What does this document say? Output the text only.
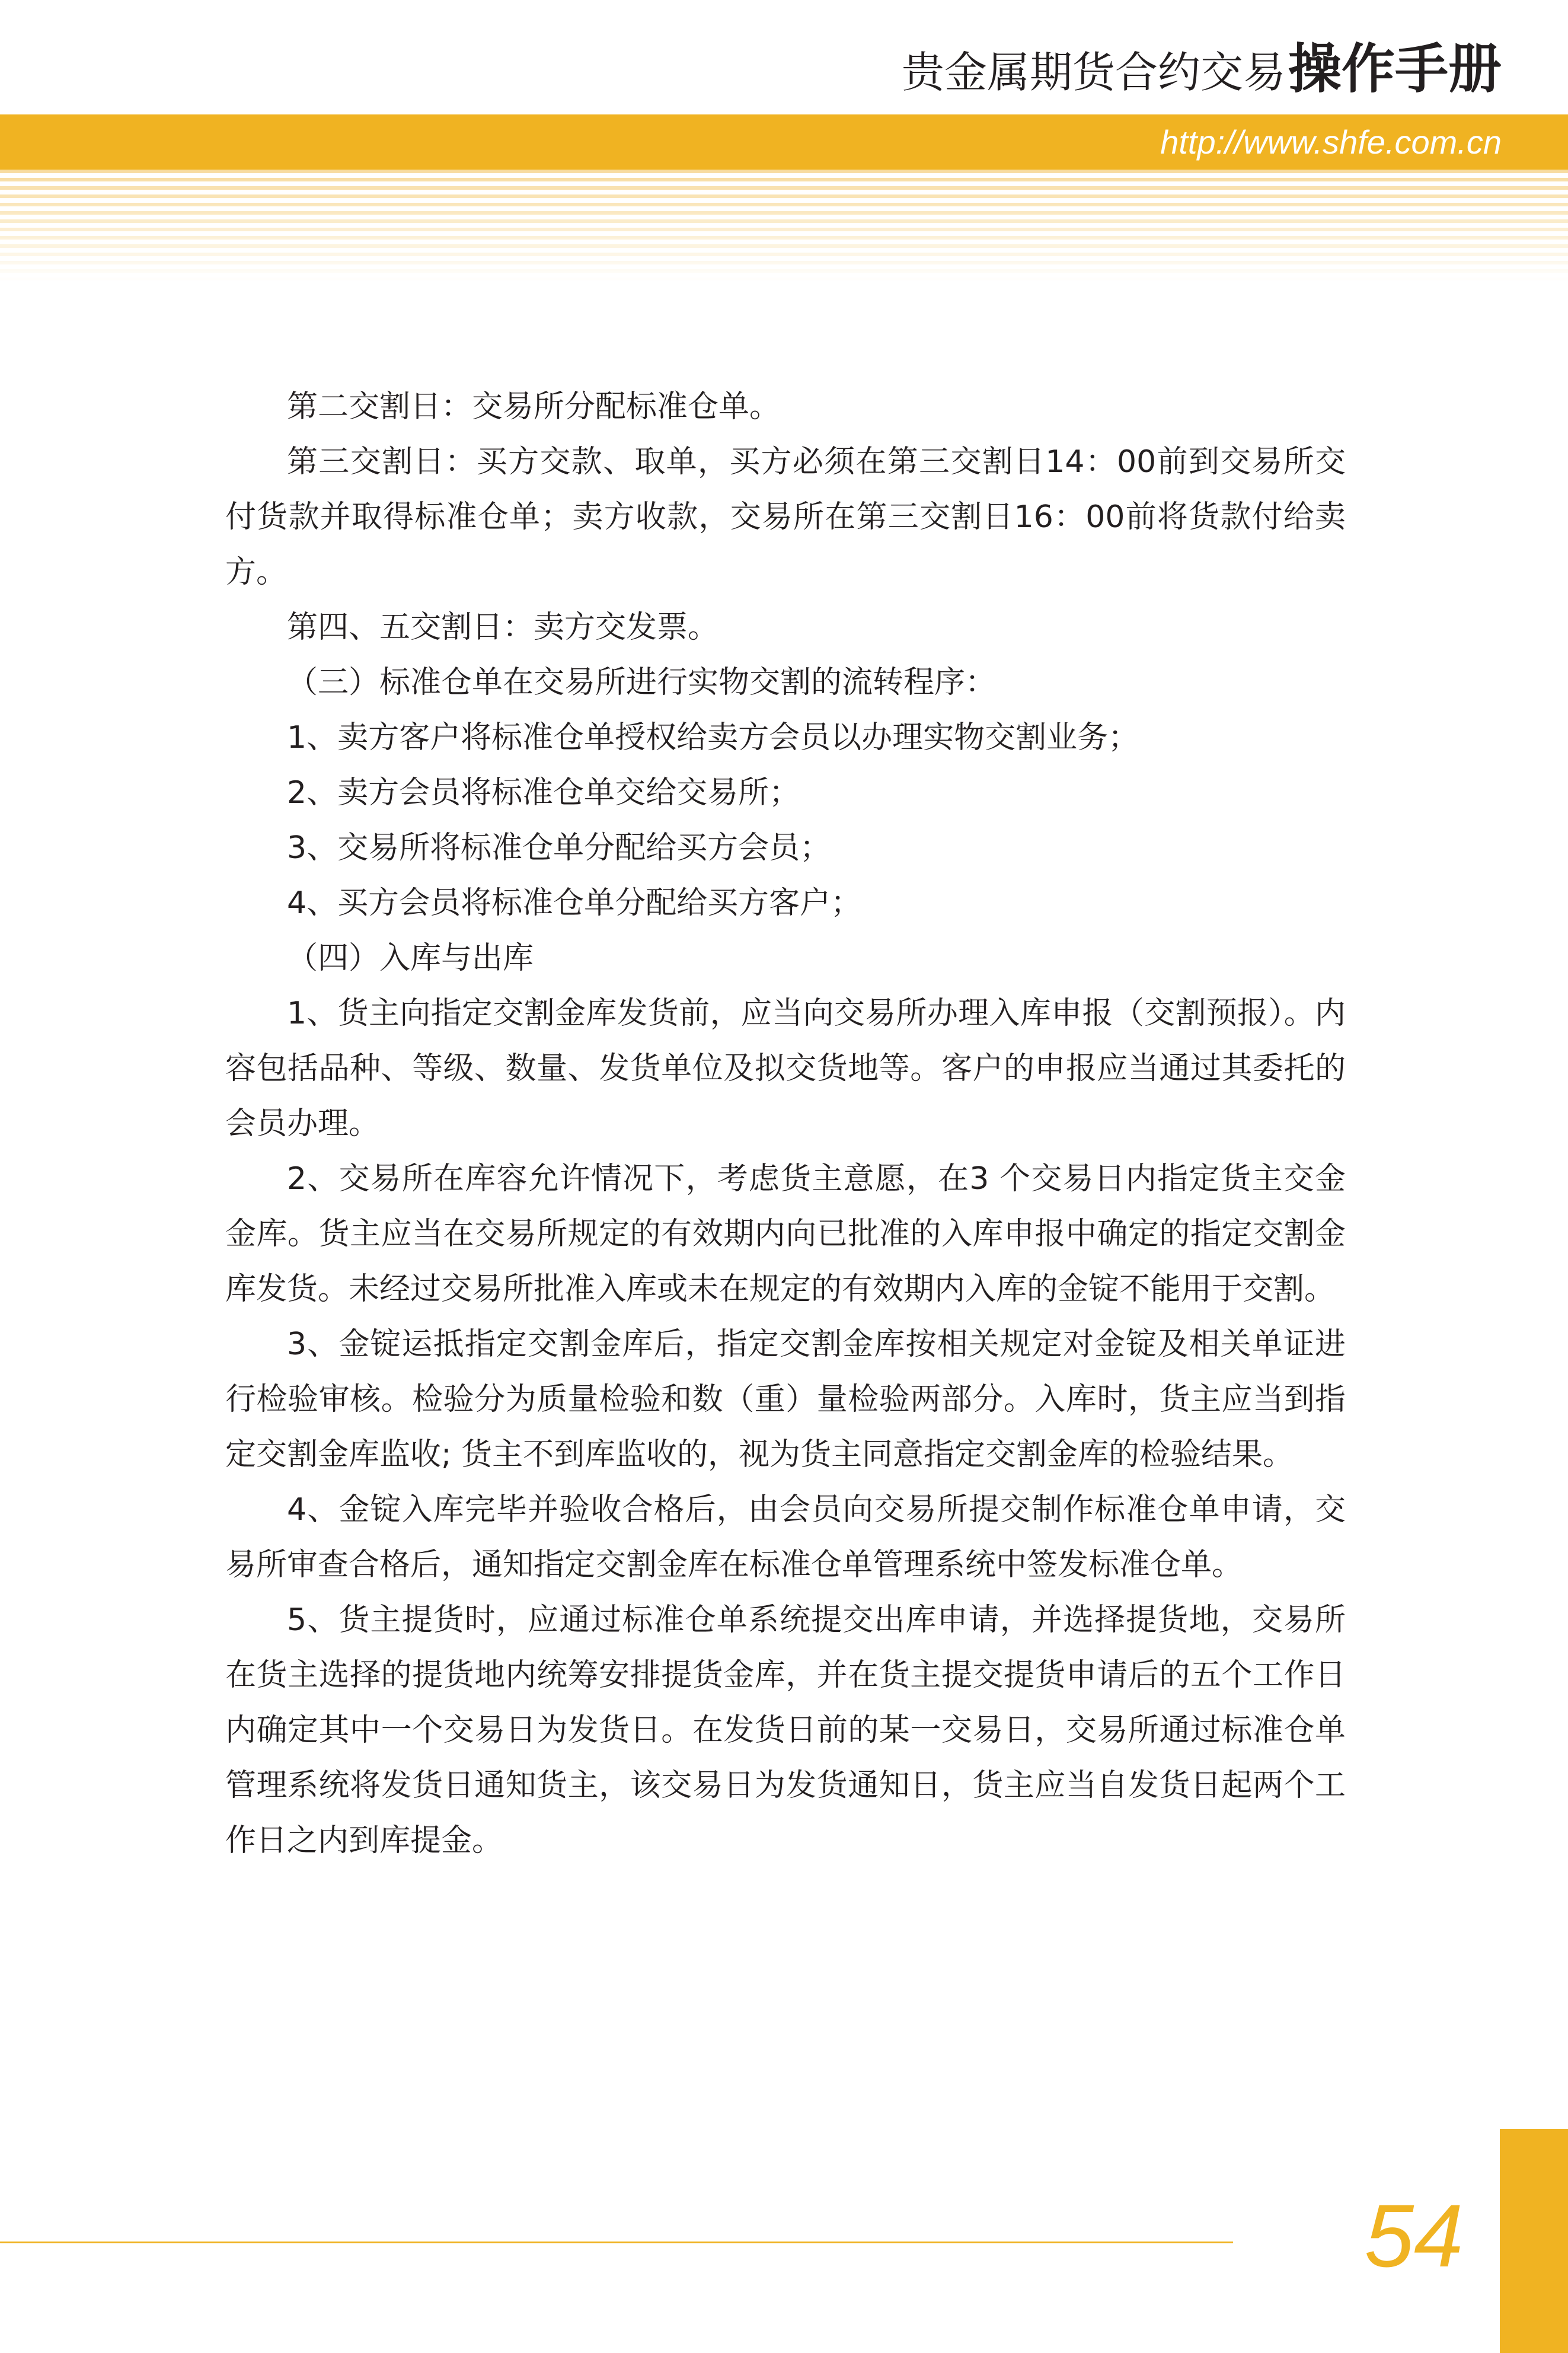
贵金属期货合约交易操作手册
http://www.shfe.com.cn

第二交割日：交易所分配标准仓单。

第三交割日：买方交款、取单，买方必须在第三交割日14：00前到交易所交付货款并取得标准仓单；卖方收款，交易所在第三交割日16：00前将货款付给卖方。

第四、五交割日：卖方交发票。

（三）标准仓单在交易所进行实物交割的流转程序：

1、卖方客户将标准仓单授权给卖方会员以办理实物交割业务；

2、卖方会员将标准仓单交给交易所；

3、交易所将标准仓单分配给买方会员；

4、买方会员将标准仓单分配给买方客户；

（四）入库与出库

1、货主向指定交割金库发货前，应当向交易所办理入库申报（交割预报）。内容包括品种、等级、数量、发货单位及拟交货地等。客户的申报应当通过其委托的会员办理。

2、交易所在库容允许情况下，考虑货主意愿，在3 个交易日内指定货主交金金库。货主应当在交易所规定的有效期内向已批准的入库申报中确定的指定交割金库发货。未经过交易所批准入库或未在规定的有效期内入库的金锭不能用于交割。

3、金锭运抵指定交割金库后，指定交割金库按相关规定对金锭及相关单证进行检验审核。检验分为质量检验和数（重）量检验两部分。入库时，货主应当到指定交割金库监收; 货主不到库监收的，视为货主同意指定交割金库的检验结果。

4、金锭入库完毕并验收合格后，由会员向交易所提交制作标准仓单申请，交易所审查合格后，通知指定交割金库在标准仓单管理系统中签发标准仓单。

5、货主提货时，应通过标准仓单系统提交出库申请，并选择提货地，交易所在货主选择的提货地内统筹安排提货金库，并在货主提交提货申请后的五个工作日内确定其中一个交易日为发货日。在发货日前的某一交易日，交易所通过标准仓单管理系统将发货日通知货主，该交易日为发货通知日，货主应当自发货日起两个工作日之内到库提金。

54
